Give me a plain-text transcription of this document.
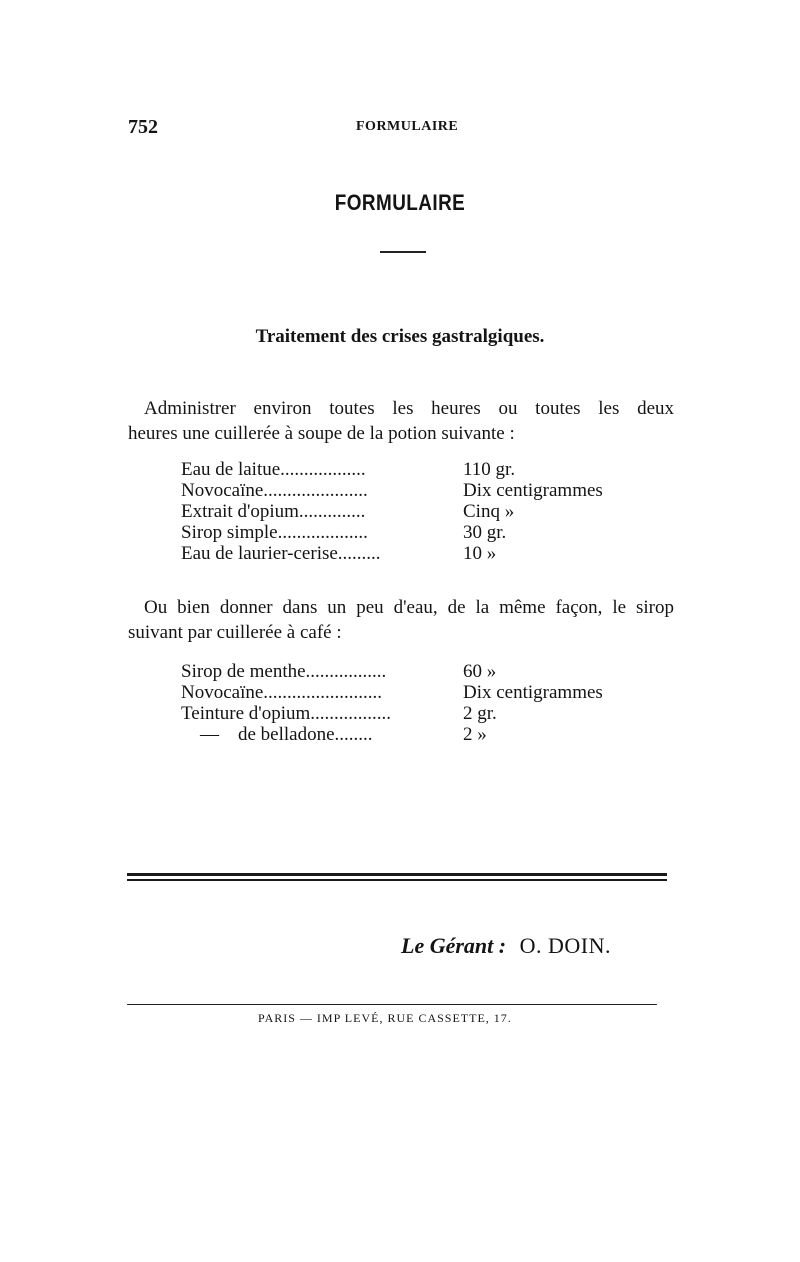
752	FORMULAIRE
FORMULAIRE
Traitement des crises gastralgiques.
Administrer environ toutes les heures ou toutes les deux
heures une cuillerée à soupe de la potion suivante :
Eau de laitue..................	110 gr.
Novocaïne......................	Dix centigrammes
Extrait d'opium..............	Cinq »
Sirop simple...................	30 gr.
Eau de laurier-cerise.........	10 »
Ou bien donner dans un peu d'eau, de la même façon, le sirop
suivant par cuillerée à café :
Sirop de menthe.................	60 »
Novocaïne.........................	Dix centigrammes
Teinture d'opium.................	2 gr.
—    de belladone........	2 »
Le Gérant : O. DOIN.
PARIS — IMP LEVÉ, RUE CASSETTE, 17.
